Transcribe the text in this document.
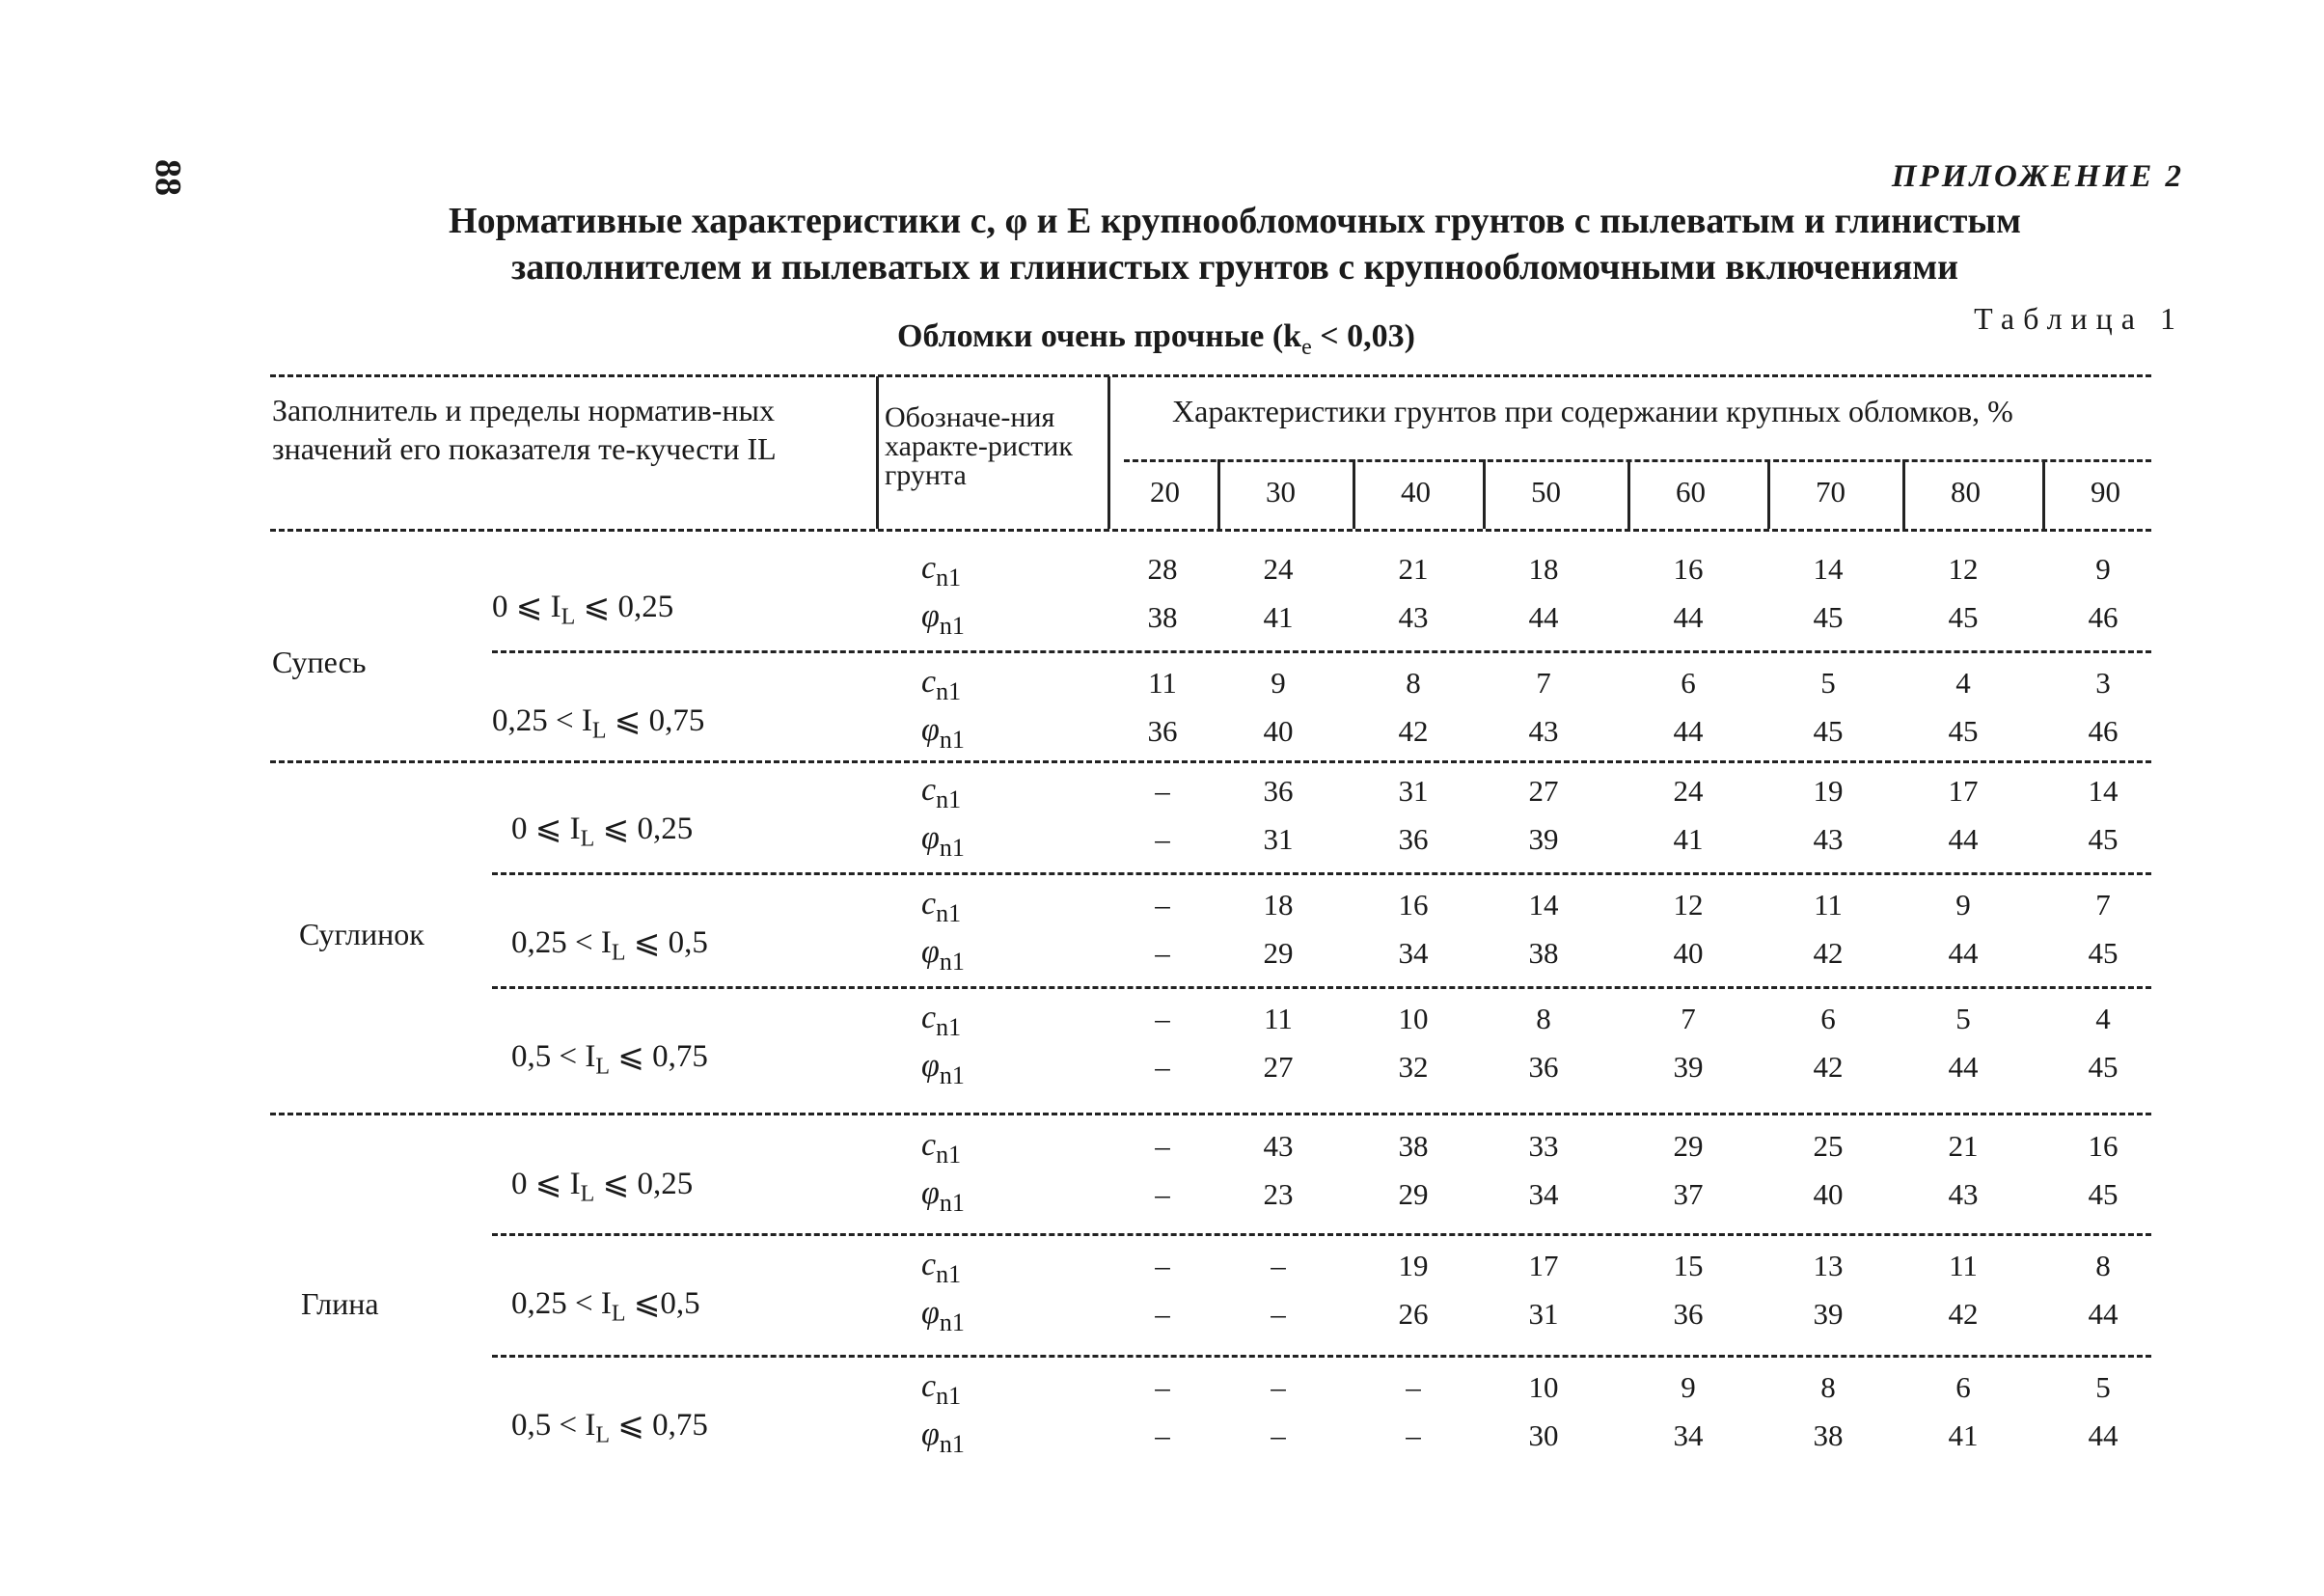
88	ПРИЛОЖЕНИЕ 2
Нормативные характеристики c, φ и E крупнообломочных грунтов с пылеватым и глинистым
заполнителем и пылеватых и глинистых грунтов с крупнообломочными включениями
Таблица 1
Обломки очень прочные $(k_e < 0,03)$
Заполнитель и пределы норматив-ных значений его показателя те-кучести IL
Обозначе-ния характе-ристик грунта
Характеристики грунтов при содержании крупных обломков, %
20	30	40	50	60	70	80	90
Супесь
0 ⩽ $I_L$ ⩽ 0,25
$c_{n1}$	28	24	21	18	16	14	12	9
$\varphi_{n1}$	38	41	43	44	44	45	45	46
$0,25 < I_L$ ⩽ 0,75
$c_{n1}$	11	9	8	7	6	5	4	3
$\varphi_{n1}$	36	40	42	43	44	45	45	46
Суглинок
0 ⩽ $I_L$ ⩽ 0,25
$c_{n1}$	–	36	31	27	24	19	17	14
$\varphi_{n1}$	–	31	36	39	41	43	44	45
$0,25 < I_L$ ⩽ 0,5
$c_{n1}$	–	18	16	14	12	11	9	7
$\varphi_{n1}$	–	29	34	38	40	42	44	45
$0,5 < I_L$ ⩽ 0,75
$c_{n1}$	–	11	10	8	7	6	5	4
$\varphi_{n1}$	–	27	32	36	39	42	44	45
Глина
0 ⩽ $I_L$ ⩽ 0,25
$c_{n1}$	–	43	38	33	29	25	21	16
$\varphi_{n1}$	–	23	29	34	37	40	43	45
$0,25 < I_L$ ⩽0,5
$c_{n1}$	–	–	19	17	15	13	11	8
$\varphi_{n1}$	–	–	26	31	36	39	42	44
$0,5 < I_L$ ⩽ 0,75
$c_{n1}$	–	–	–	10	9	8	6	5
$\varphi_{n1}$	–	–	–	30	34	38	41	44
